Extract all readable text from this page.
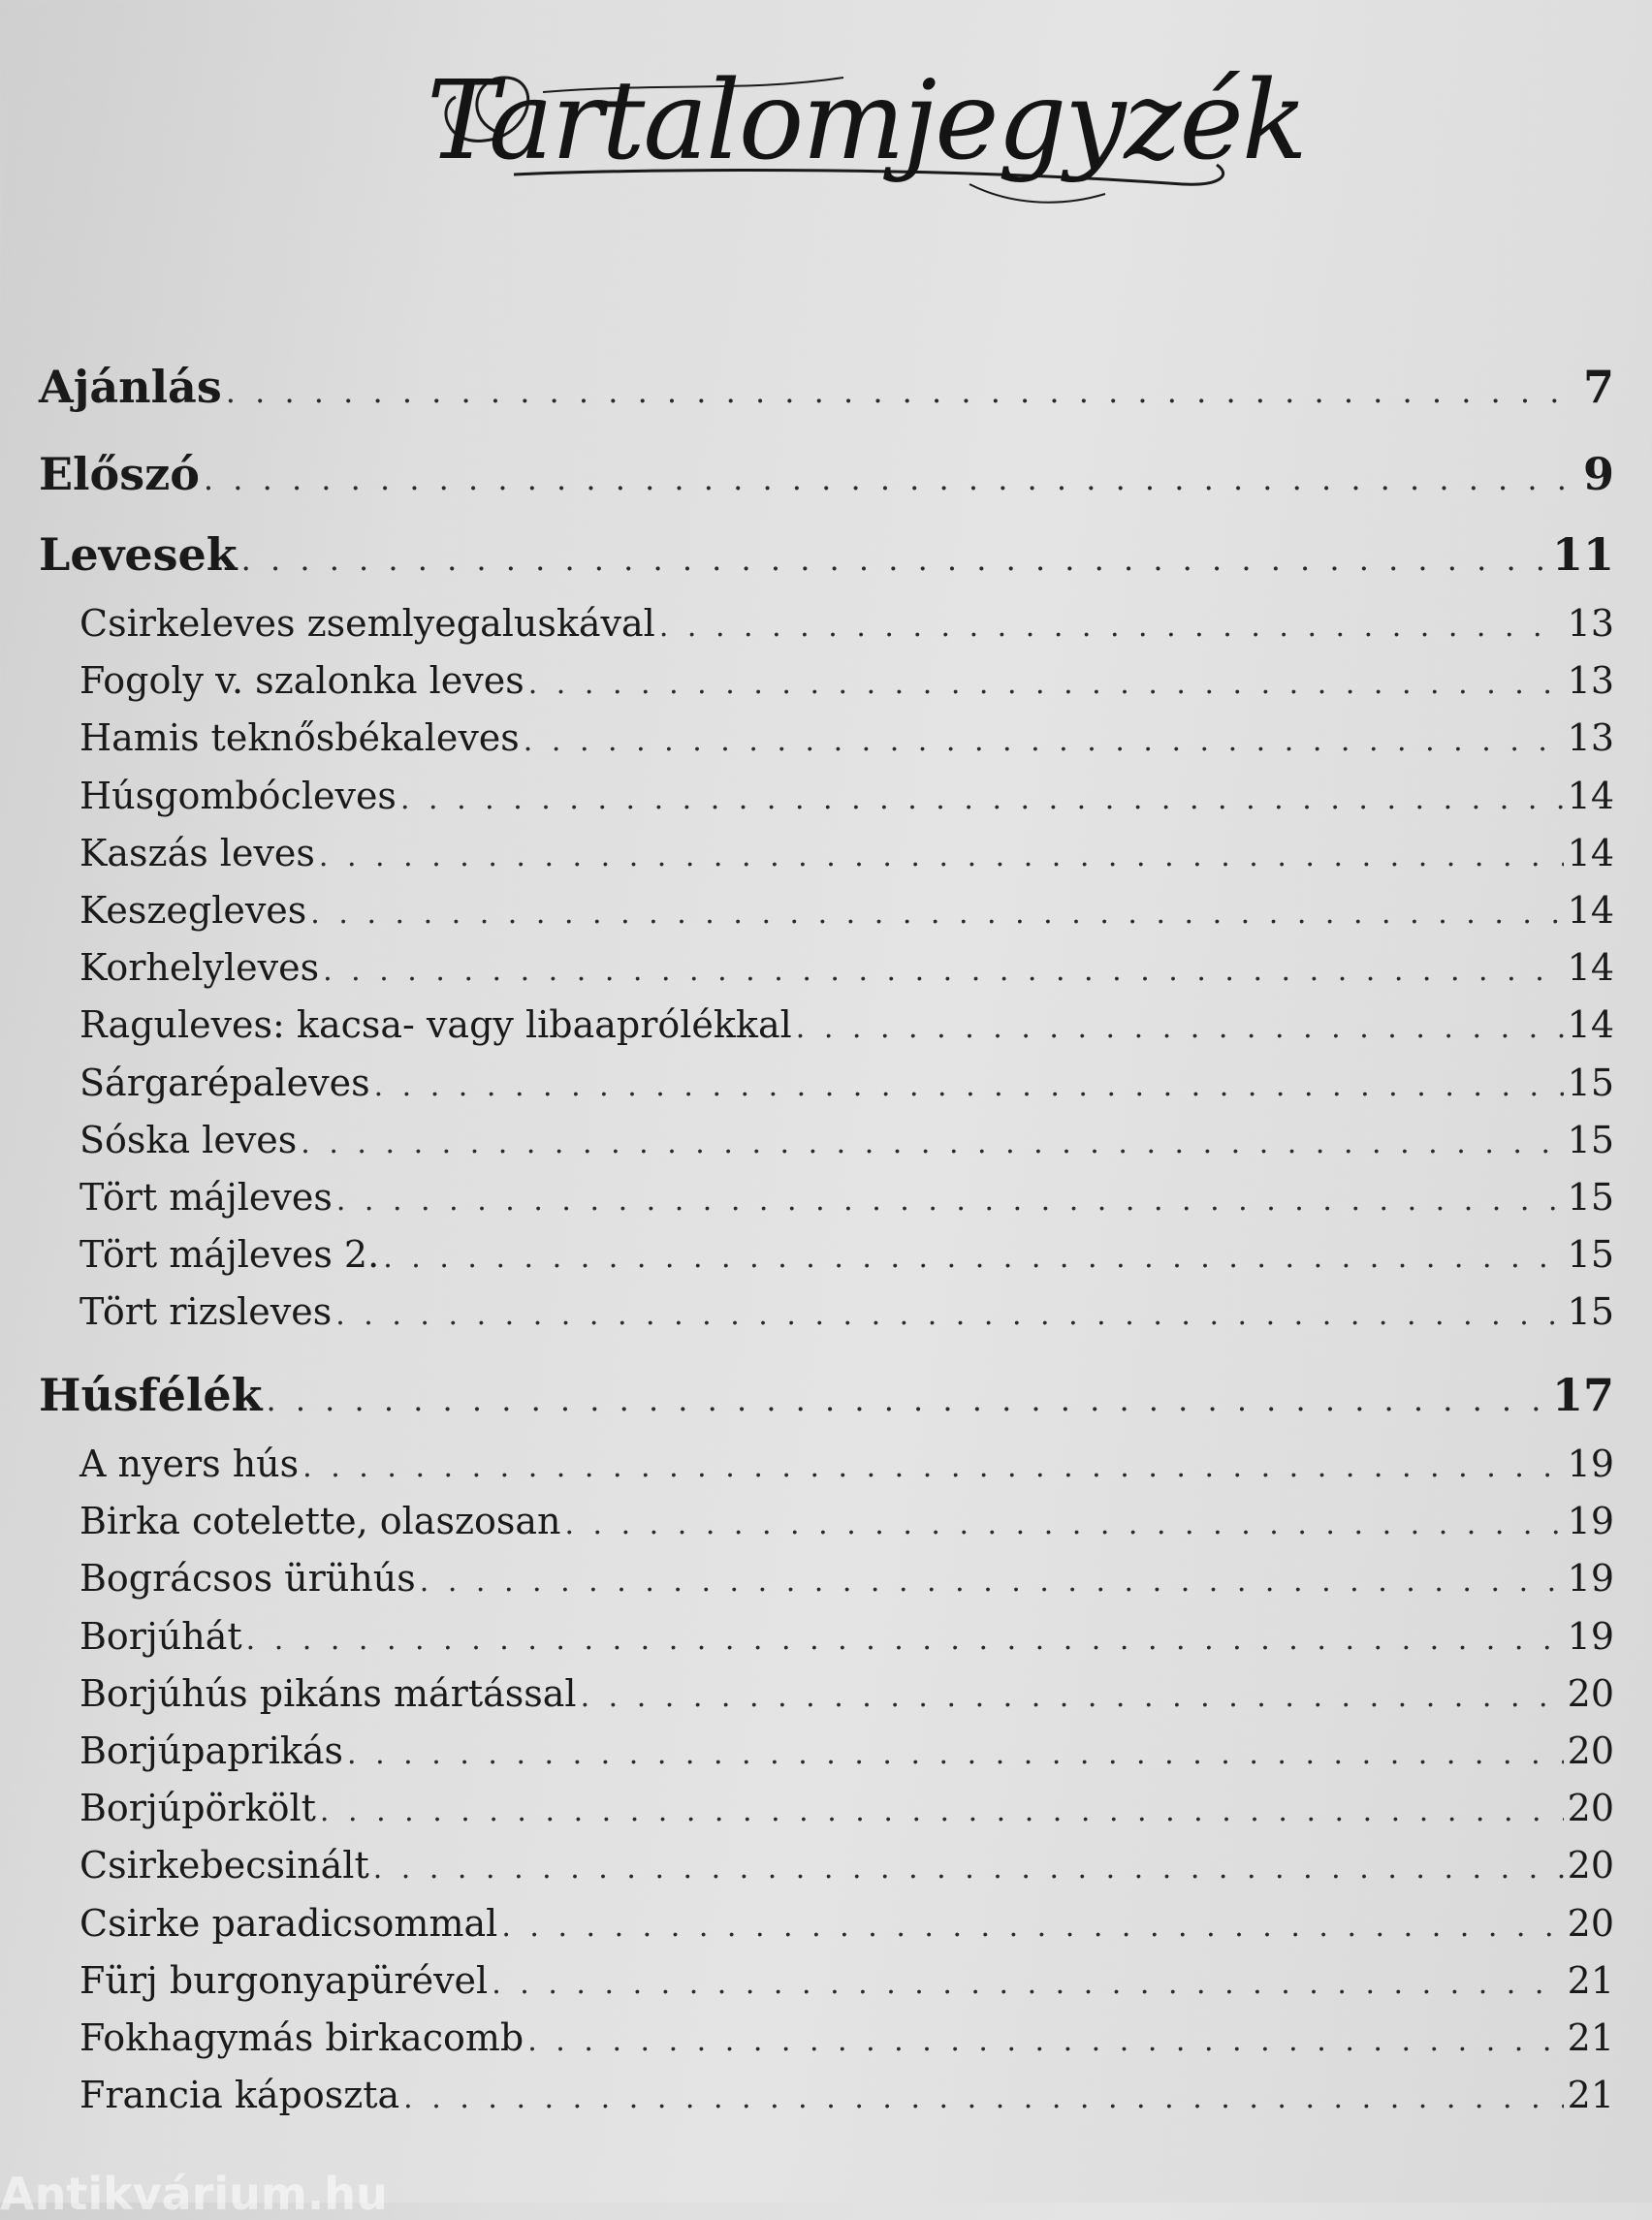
Tartalomjegyzék
Ajánlás . . .	7
Előszó . . .	9
Levesek . . .	11
Csirkeleves zsemlyegaluskával . . .	13
Fogoly v. szalonka leves . . .	13
Hamis teknősbékaleves . . .	13
Húsgombócleves . . .	14
Kaszás leves . . .	14
Keszegleves . . .	14
Korhelyleves . . .	14
Raguleves: kacsa- vagy libaaprólékkal . . .	14
Sárgarépaleves . . .	15
Sóska leves . . .	15
Tört májleves . . .	15
Tört májleves 2. . . .	15
Tört rizsleves . . .	15
Húsfélék . . .	17
A nyers hús . . .	19
Birka cotelette, olaszosan . . .	19
Bográcsos ürühús . . .	19
Borjúhát . . .	19
Borjúhús pikáns mártással . . .	20
Borjúpaprikás . . .	20
Borjúpörkölt . . .	20
Csirkebecsinált . . .	20
Csirke paradicsommal . . .	20
Fürj burgonyapürével . . .	21
Fokhagymás birkacomb . . .	21
Francia káposzta . . .	21
Antikvárium.hu
